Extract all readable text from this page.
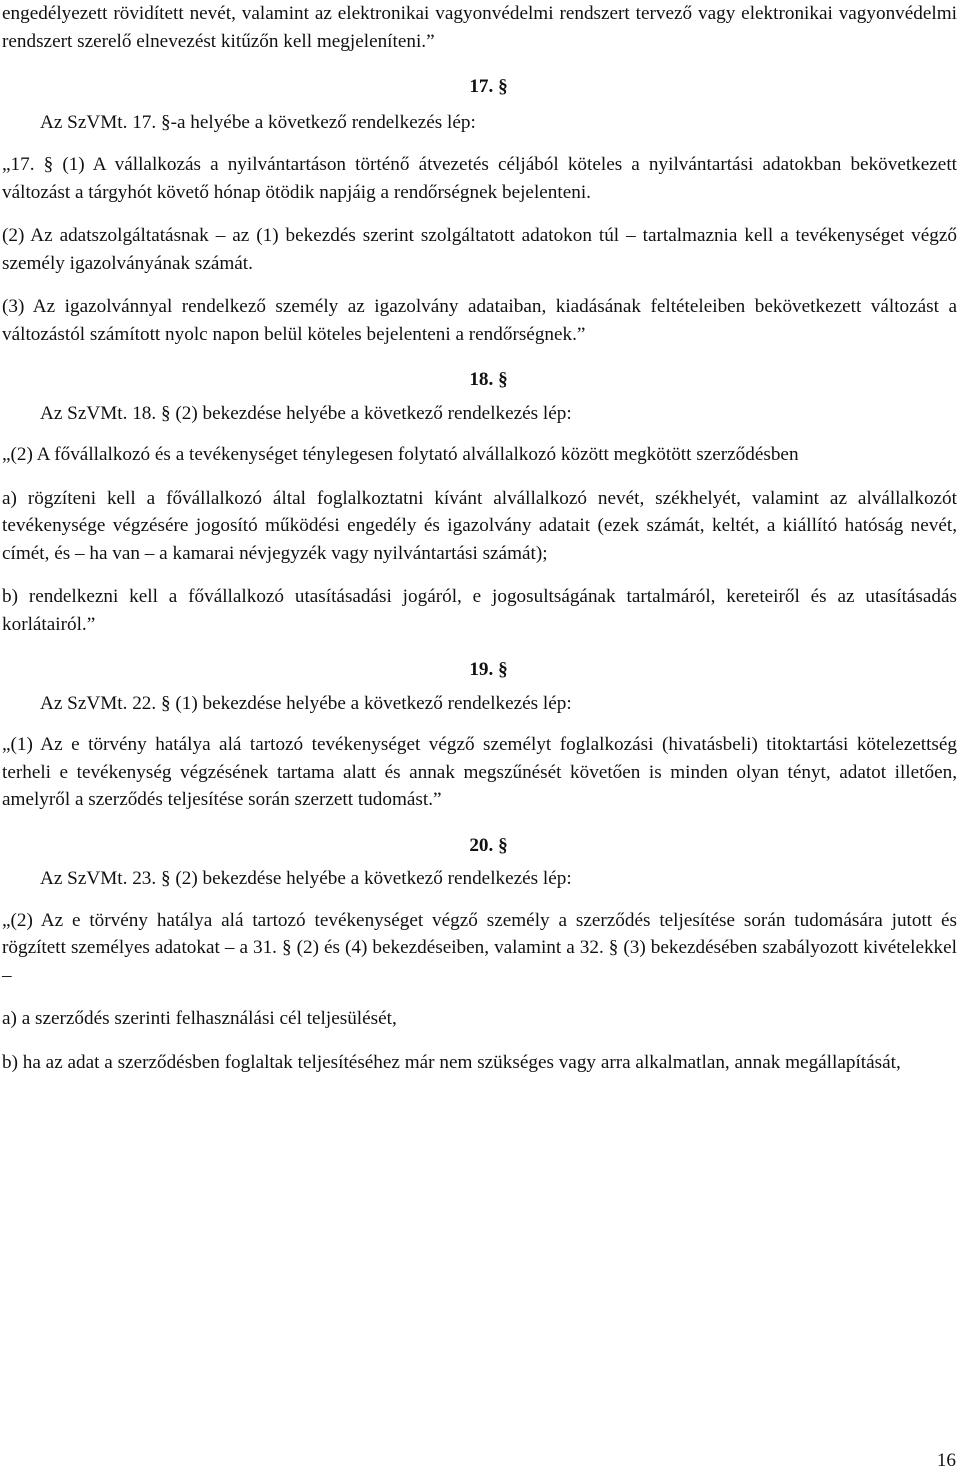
engedélyezett rövidített nevét, valamint az elektronikai vagyonvédelmi rendszert tervező vagy elektronikai vagyonvédelmi rendszert szerelő elnevezést kitűzőn kell megjeleníteni.”

17. §

Az SzVMt. 17. §-a helyébe a következő rendelkezés lép:

„17. § (1) A vállalkozás a nyilvántartáson történő átvezetés céljából köteles a nyilvántartási adatokban bekövetkezett változást a tárgyhót követő hónap ötödik napjáig a rendőrségnek bejelenteni.

(2) Az adatszolgáltatásnak – az (1) bekezdés szerint szolgáltatott adatokon túl – tartalmaznia kell a tevékenységet végző személy igazolványának számát.

(3) Az igazolvánnyal rendelkező személy az igazolvány adataiban, kiadásának feltételeiben bekövetkezett változást a változástól számított nyolc napon belül köteles bejelenteni a rendőrségnek.”

18. §

Az SzVMt. 18. § (2) bekezdése helyébe a következő rendelkezés lép:

„(2) A fővállalkozó és a tevékenységet ténylegesen folytató alvállalkozó között megkötött szerződésben

a) rögzíteni kell a fővállalkozó által foglalkoztatni kívánt alvállalkozó nevét, székhelyét, valamint az alvállalkozót tevékenysége végzésére jogosító működési engedély és igazolvány adatait (ezek számát, keltét, a kiállító hatóság nevét, címét, és – ha van – a kamarai névjegyzék vagy nyilvántartási számát);

b) rendelkezni kell a fővállalkozó utasításadási jogáról, e jogosultságának tartalmáról, kereteiről és az utasításadás korlátairól.”

19. §

Az SzVMt. 22. § (1) bekezdése helyébe a következő rendelkezés lép:

„(1) Az e törvény hatálya alá tartozó tevékenységet végző személyt foglalkozási (hivatásbeli) titoktartási kötelezettség terheli e tevékenység végzésének tartama alatt és annak megszűnését követően is minden olyan tényt, adatot illetően, amelyről a szerződés teljesítése során szerzett tudomást.”

20. §

Az SzVMt. 23. § (2) bekezdése helyébe a következő rendelkezés lép:

„(2) Az e törvény hatálya alá tartozó tevékenységet végző személy a szerződés teljesítése során tudomására jutott és rögzített személyes adatokat – a 31. § (2) és (4) bekezdéseiben, valamint a 32. § (3) bekezdésében szabályozott kivételekkel –

a) a szerződés szerinti felhasználási cél teljesülését,

b) ha az adat a szerződésben foglaltak teljesítéséhez már nem szükséges vagy arra alkalmatlan, annak megállapítását,

16
